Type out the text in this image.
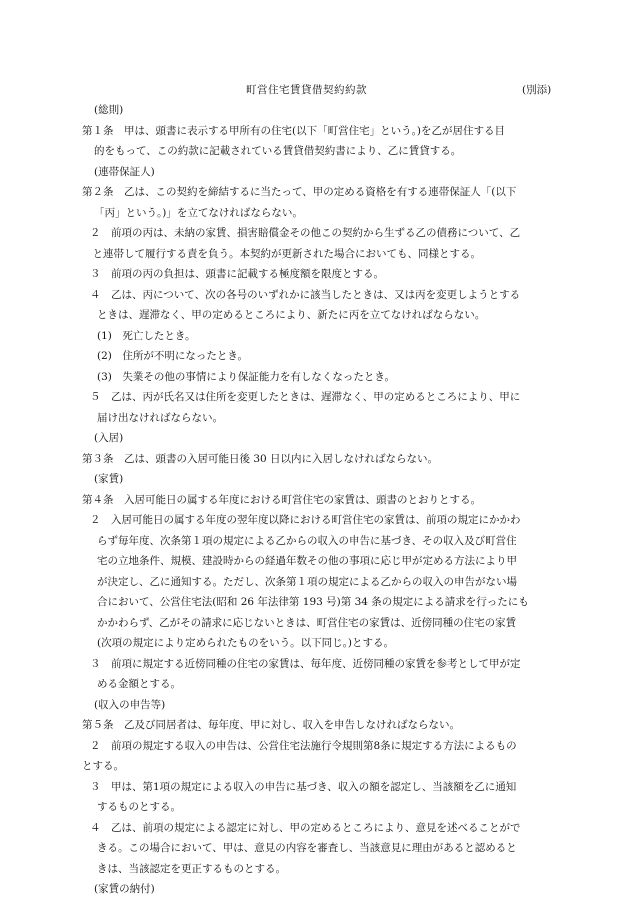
町営住宅賃貸借契約約款	(別添)

(総則)

第１条　甲は、頭書に表示する甲所有の住宅(以下「町営住宅」という。)を乙が居住する目

的をもって、この約款に記載されている賃貸借契約書により、乙に賃貸する。

(連帯保証人)

第２条　乙は、この契約を締結するに当たって、甲の定める資格を有する連帯保証人「(以下

「丙」という。)」を立てなければならない。

２　前項の丙は、未納の家賃、損害賠償金その他この契約から生ずる乙の債務について、乙

　と連帯して履行する責を負う。本契約が更新された場合においても、同様とする。

３　前項の丙の負担は、頭書に記載する極度額を限度とする。

４　乙は、丙について、次の各号のいずれかに該当したときは、又は丙を変更しようとする

ときは、遅滞なく、甲の定めるところにより、新たに丙を立てなければならない。

(1)　死亡したとき。

(2)　住所が不明になったとき。

(3)　失業その他の事情により保証能力を有しなくなったとき。

５　乙は、丙が氏名又は住所を変更したときは、遅滞なく、甲の定めるところにより、甲に

届け出なければならない。

(入居)

第３条　乙は、頭書の入居可能日後 30 日以内に入居しなければならない。

(家賃)

第４条　入居可能日の属する年度における町営住宅の家賃は、頭書のとおりとする。

２　入居可能日の属する年度の翌年度以降における町営住宅の家賃は、前項の規定にかかわ

らず毎年度、次条第１項の規定による乙からの収入の申告に基づき、その収入及び町営住

宅の立地条件、規模、建設時からの経過年数その他の事項に応じ甲が定める方法により甲

が決定し、乙に通知する。ただし、次条第１項の規定による乙からの収入の申告がない場

合において、公営住宅法(昭和 26 年法律第 193 号)第 34 条の規定による請求を行ったにも

かかわらず、乙がその請求に応じないときは、町営住宅の家賃は、近傍同種の住宅の家賃

(次項の規定により定められたものをいう。以下同じ。)とする。

３　前項に規定する近傍同種の住宅の家賃は、毎年度、近傍同種の家賃を参考として甲が定

める金額とする。

(収入の申告等)

第５条　乙及び同居者は、毎年度、甲に対し、収入を申告しなければならない。

２　前項の規定する収入の申告は、公営住宅法施行令規則第8条に規定する方法によるもの

とする。

３　甲は、第1項の規定による収入の申告に基づき、収入の額を認定し、当該額を乙に通知

するものとする。

４　乙は、前項の規定による認定に対し、甲の定めるところにより、意見を述べることがで

きる。この場合において、甲は、意見の内容を審査し、当該意見に理由があると認めると

きは、当該認定を更正するものとする。

(家賃の納付)
